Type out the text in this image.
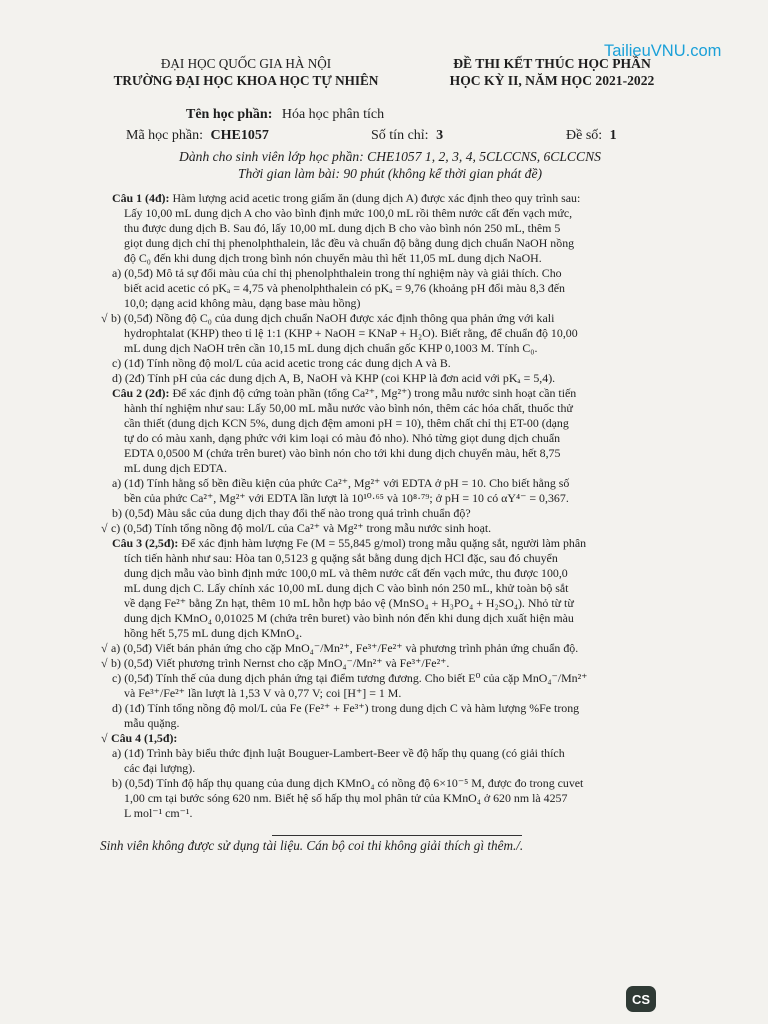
TailieuVNU.com
ĐẠI HỌC QUỐC GIA HÀ NỘI
TRƯỜNG ĐẠI HỌC KHOA HỌC TỰ NHIÊN
ĐỀ THI KẾT THÚC HỌC PHẦN
HỌC KỲ II, NĂM HỌC 2021-2022
Tên học phần: Hóa học phân tích
Mã học phần: CHE1057	Số tín chỉ: 3	Đề số: 1
Dành cho sinh viên lớp học phần: CHE1057 1, 2, 3, 4, 5CLCCNS, 6CLCCNS
Thời gian làm bài: 90 phút (không kể thời gian phát đề)
Câu 1 (4đ): Hàm lượng acid acetic trong giấm ăn (dung dịch A) được xác định theo quy trình sau:
Lấy 10,00 mL dung dịch A cho vào bình định mức 100,0 mL rồi thêm nước cất đến vạch mức,
thu được dung dịch B. Sau đó, lấy 10,00 mL dung dịch B cho vào bình nón 250 mL, thêm 5
giọt dung dịch chỉ thị phenolphthalein, lắc đều và chuẩn độ bằng dung dịch chuẩn NaOH nồng
độ C₀ đến khi dung dịch trong bình nón chuyển màu thì hết 11,05 mL dung dịch NaOH.
a) (0,5đ) Mô tả sự đổi màu của chỉ thị phenolphthalein trong thí nghiệm này và giải thích. Cho
biết acid acetic có pKₐ = 4,75 và phenolphthalein có pKₐ = 9,76 (khoảng pH đổi màu 8,3 đến
10,0; dạng acid không màu, dạng base màu hồng)
√ b) (0,5đ) Nồng độ C₀ của dung dịch chuẩn NaOH được xác định thông qua phản ứng với kali
hydrophtalat (KHP) theo tỉ lệ 1:1 (KHP + NaOH = KNaP + H₂O). Biết rằng, để chuẩn độ 10,00
mL dung dịch NaOH trên cần 10,15 mL dung dịch chuẩn gốc KHP 0,1003 M. Tính C₀.
c) (1đ) Tính nồng độ mol/L của acid acetic trong các dung dịch A và B.
d) (2đ) Tính pH của các dung dịch A, B, NaOH và KHP (coi KHP là đơn acid với pKₐ = 5,4).
Câu 2 (2đ): Để xác định độ cứng toàn phần (tổng Ca²⁺, Mg²⁺) trong mẫu nước sinh hoạt cần tiến
hành thí nghiệm như sau: Lấy 50,00 mL mẫu nước vào bình nón, thêm các hóa chất, thuốc thử
cần thiết (dung dịch KCN 5%, dung dịch đệm amoni pH = 10), thêm chất chỉ thị ET-00 (dạng
tự do có màu xanh, dạng phức với kim loại có màu đỏ nho). Nhỏ từng giọt dung dịch chuẩn
EDTA 0,0500 M (chứa trên buret) vào bình nón cho tới khi dung dịch chuyển màu, hết 8,75
mL dung dịch EDTA.
a) (1đ) Tính hằng số bền điều kiện của phức Ca²⁺, Mg²⁺ với EDTA ở pH = 10. Cho biết hằng số
bền của phức Ca²⁺, Mg²⁺ với EDTA lần lượt là 10¹⁰·⁶⁵ và 10⁸·⁷⁹; ở pH = 10 có αY⁴⁻ = 0,367.
b) (0,5đ) Màu sắc của dung dịch thay đổi thế nào trong quá trình chuẩn độ?
√ c) (0,5đ) Tính tổng nồng độ mol/L của Ca²⁺ và Mg²⁺ trong mẫu nước sinh hoạt.
Câu 3 (2,5đ): Để xác định hàm lượng Fe (M = 55,845 g/mol) trong mẫu quặng sắt, người làm phân
tích tiến hành như sau: Hòa tan 0,5123 g quặng sắt bằng dung dịch HCl đặc, sau đó chuyển
dung dịch mẫu vào bình định mức 100,0 mL và thêm nước cất đến vạch mức, thu được 100,0
mL dung dịch C. Lấy chính xác 10,00 mL dung dịch C vào bình nón 250 mL, khử toàn bộ sắt
về dạng Fe²⁺ bằng Zn hạt, thêm 10 mL hỗn hợp bảo vệ (MnSO₄ + H₃PO₄ + H₂SO₄). Nhỏ từ từ
dung dịch KMnO₄ 0,01025 M (chứa trên buret) vào bình nón đến khi dung dịch xuất hiện màu
hồng hết 5,75 mL dung dịch KMnO₄.
√ a) (0,5đ) Viết bán phản ứng cho cặp MnO₄⁻/Mn²⁺, Fe³⁺/Fe²⁺ và phương trình phản ứng chuẩn độ.
√ b) (0,5đ) Viết phương trình Nernst cho cặp MnO₄⁻/Mn²⁺ và Fe³⁺/Fe²⁺.
c) (0,5đ) Tính thế của dung dịch phản ứng tại điểm tương đương. Cho biết E⁰ của cặp MnO₄⁻/Mn²⁺
và Fe³⁺/Fe²⁺ lần lượt là 1,53 V và 0,77 V; coi [H⁺] = 1 M.
d) (1đ) Tính tổng nồng độ mol/L của Fe (Fe²⁺ + Fe³⁺) trong dung dịch C và hàm lượng %Fe trong
mẫu quặng.
√ Câu 4 (1,5đ):
a) (1đ) Trình bày biểu thức định luật Bouguer-Lambert-Beer về độ hấp thụ quang (có giải thích
các đại lượng).
b) (0,5đ) Tính độ hấp thụ quang của dung dịch KMnO₄ có nồng độ 6×10⁻⁵ M, được đo trong cuvet
1,00 cm tại bước sóng 620 nm. Biết hệ số hấp thụ mol phân tử của KMnO₄ ở 620 nm là 4257
L mol⁻¹ cm⁻¹.
Sinh viên không được sử dụng tài liệu. Cán bộ coi thi không giải thích gì thêm./.
CS
